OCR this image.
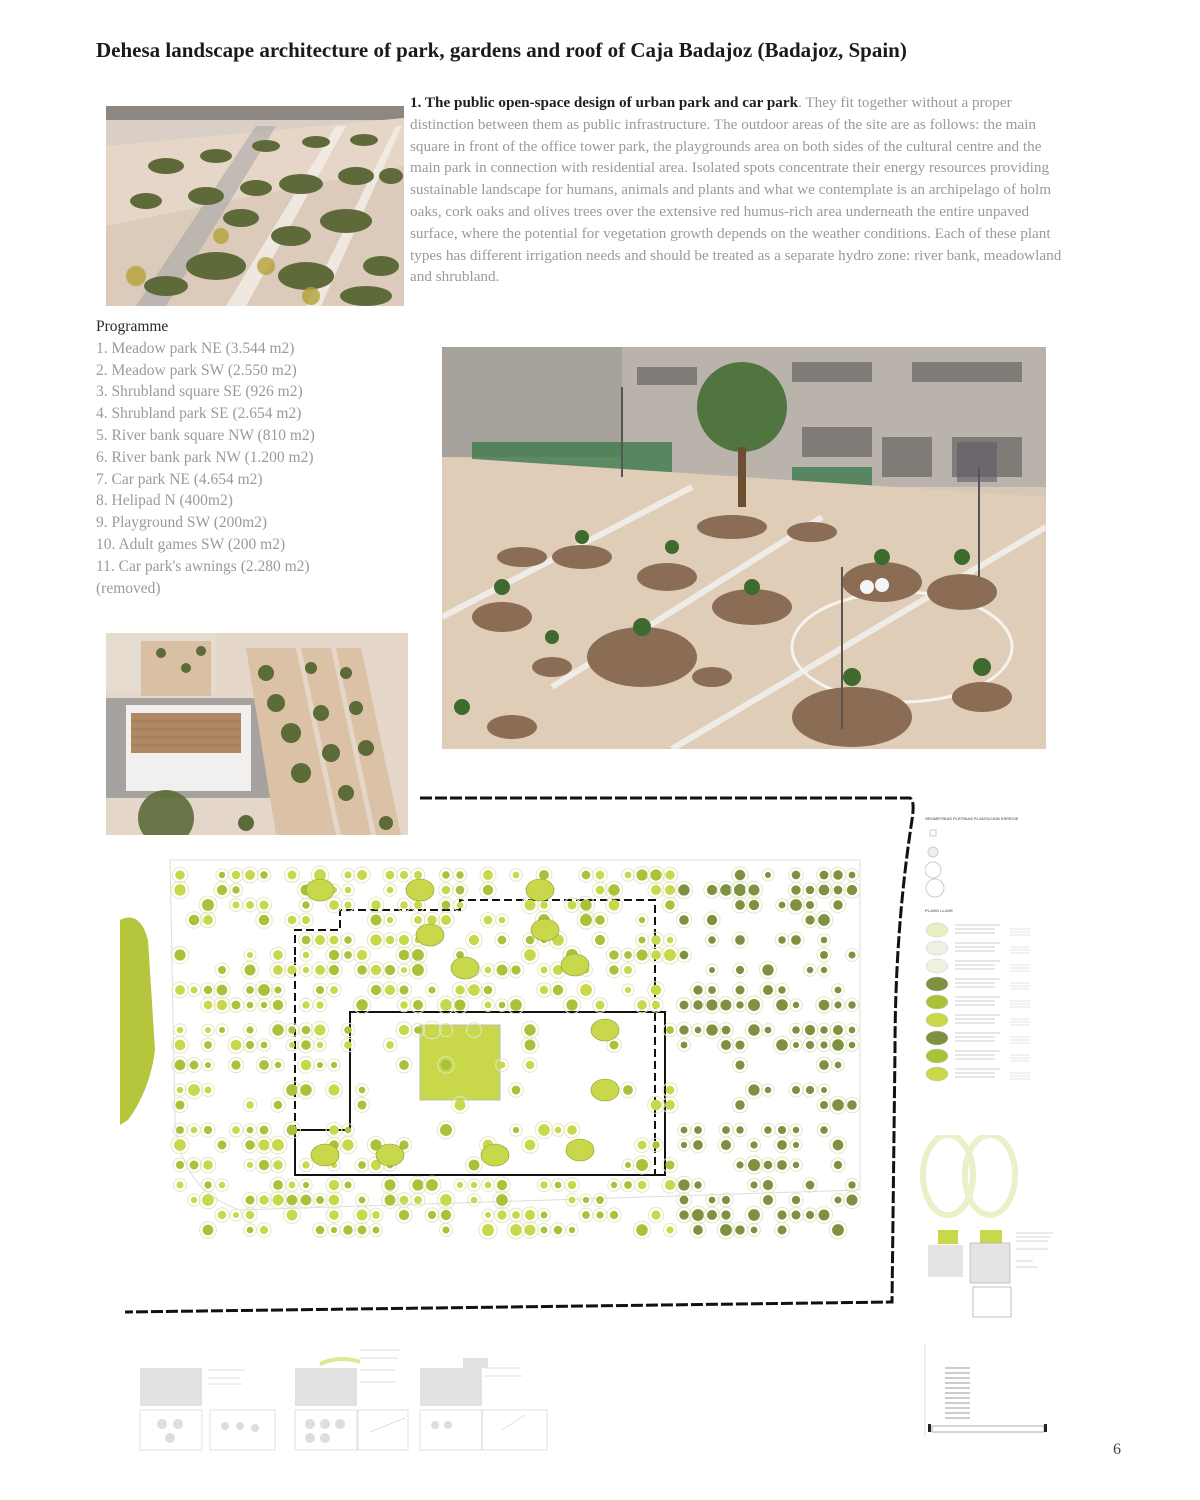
Dehesa landscape architecture of park, gardens and roof of Caja Badajoz (Badajoz, Spain)
1. The public open-space design of urban park and car park. They fit together without a proper distinction between them as public infrastructure. The outdoor areas of the site are as follows: the main square in front of the office tower park, the playgrounds area on both sides of the cultural centre and the main park in connection with residential area. Isolated spots concentrate their energy resources providing sustainable landscape for humans, animals and plants and what we contemplate is an archipelago of holm oaks, cork oaks and olives trees over the extensive red humus-rich area underneath the entire unpaved surface, where the potential for vegetation growth depends on the weather conditions. Each of these plant types has different irrigation needs and should be treated as a separate hydro zone: river bank, meadowland and shrubland.
Programme
1. Meadow park NE (3.544 m2)
2. Meadow park SW (2.550 m2)
3. Shrubland square SE (926 m2)
4. Shrubland park SE (2.654 m2)
5. River bank square NW (810 m2)
6. River bank park NW (1.200 m2)
7. Car park NE (4.654 m2)
8. Helipad N (400m2)
9. Playground SW (200m2)
10. Adult games SW (200 m2)
11. Car park's awnings (2.280 m2)
(removed)
GEOMETRIAS PLETINAS PLANTACION ESPECIE
PLANO LLAVE
6
